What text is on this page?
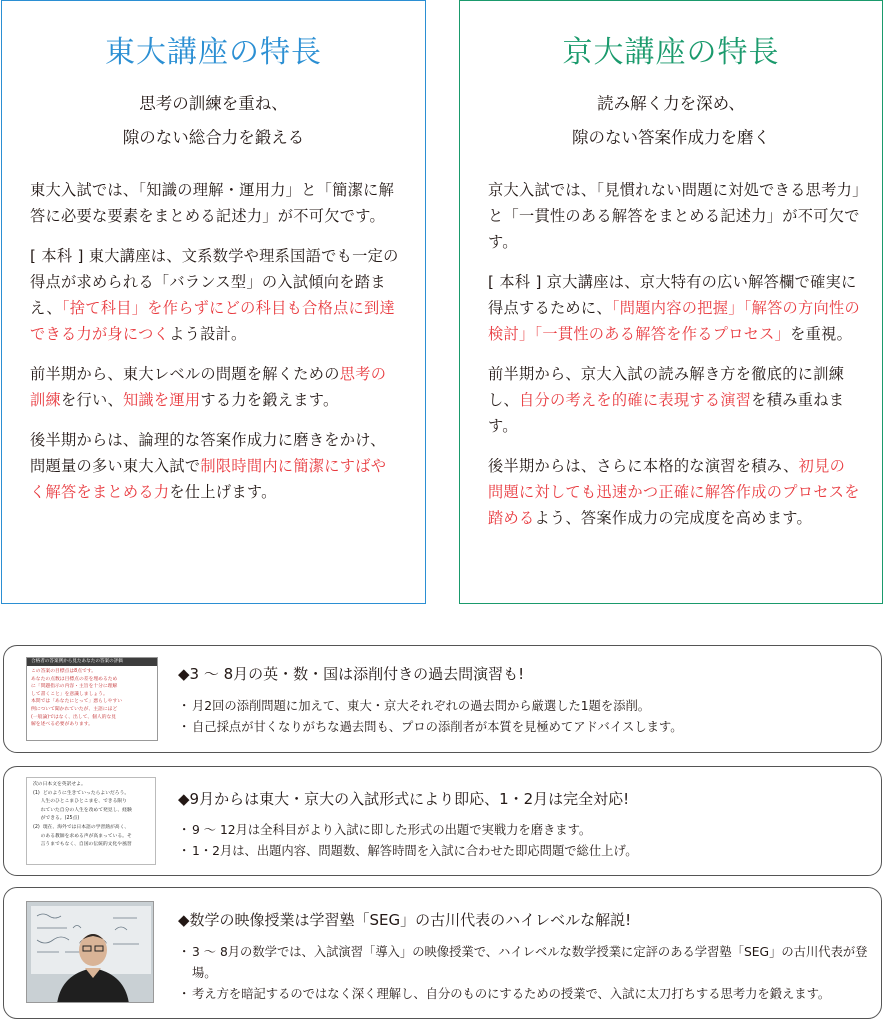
東大講座の特長
思考の訓練を重ね、
隙のない総合力を鍛える

東大入試では、「知識の理解・運用力」と「簡潔に解答に必要な要素をまとめる記述力」が不可欠です。

[ 本科 ] 東大講座は、文系数学や理系国語でも一定の得点が求められる「バランス型」の入試傾向を踏まえ、「捨て科目」を作らずにどの科目も合格点に到達できる力が身につくよう設計。

前半期から、東大レベルの問題を解くための思考の訓練を行い、知識を運用する力を鍛えます。

後半期からは、論理的な答案作成力に磨きをかけ、問題量の多い東大入試で制限時間内に簡潔にすばやく解答をまとめる力を仕上げます。

京大講座の特長
読み解く力を深め、
隙のない答案作成力を磨く

京大入試では、「見慣れない問題に対処できる思考力」と「一貫性のある解答をまとめる記述力」が不可欠です。

[ 本科 ] 京大講座は、京大特有の広い解答欄で確実に得点するために、「問題内容の把握」「解答の方向性の検討」「一貫性のある解答を作るプロセス」を重視。

前半期から、京大入試の読み解き方を徹底的に訓練し、自分の考えを的確に表現する演習を積み重ねます。

後半期からは、さらに本格的な演習を積み、初見の問題に対しても迅速かつ正確に解答作成のプロセスを踏めるよう、答案作成力の完成度を高めます。

合格者の答案例から見たあなたの答案の評価
この答案の目標点は8点です。
あなたの点数は目標点の差を埋めるため
に「問題指示の内容・主旨を十分に理解
して書くこと」を意識しましょう。
本問では「あなたにとって」悪らしやすい
例について聞かれていたが、主語にほど
(一般論)ではなく、出して、個人的な見
解を述べる必要があります。
◆3 ～ 8月の英・数・国は添削付きの過去問演習も!
・ 月2回の添削問題に加えて、東大・京大それぞれの過去問から厳選した1題を添削。
・ 自己採点が甘くなりがちな過去問も、プロの添削者が本質を見極めてアドバイスします。
次の日本文を英訳せよ。
(1)  どのように生きていったらよいだろう。
人生のひとこまひとこまを、できる限り
れていた自分の人生を改めて発見し、経験
ができる。(25点)
(2)  現在、海外では日本語の学習熱が高く、
のある教師を求める声が高まっている。そ
言うまでもなく、自国の伝統的文化や風習
◆9月からは東大・京大の入試形式により即応、1・2月は完全対応!
・ 9 ～ 12月は全科目がより入試に即した形式の出題で実戦力を磨きます。
・ 1・2月は、出題内容、問題数、解答時間を入試に合わせた即応問題で総仕上げ。
◆数学の映像授業は学習塾「SEG」の古川代表のハイレベルな解説!
・ 3 ～ 8月の数学では、入試演習「導入」の映像授業で、ハイレベルな数学授業に定評のある学習塾「SEG」の古川代表が登場。
・ 考え方を暗記するのではなく深く理解し、自分のものにするための授業で、入試に太刀打ちする思考力を鍛えます。
